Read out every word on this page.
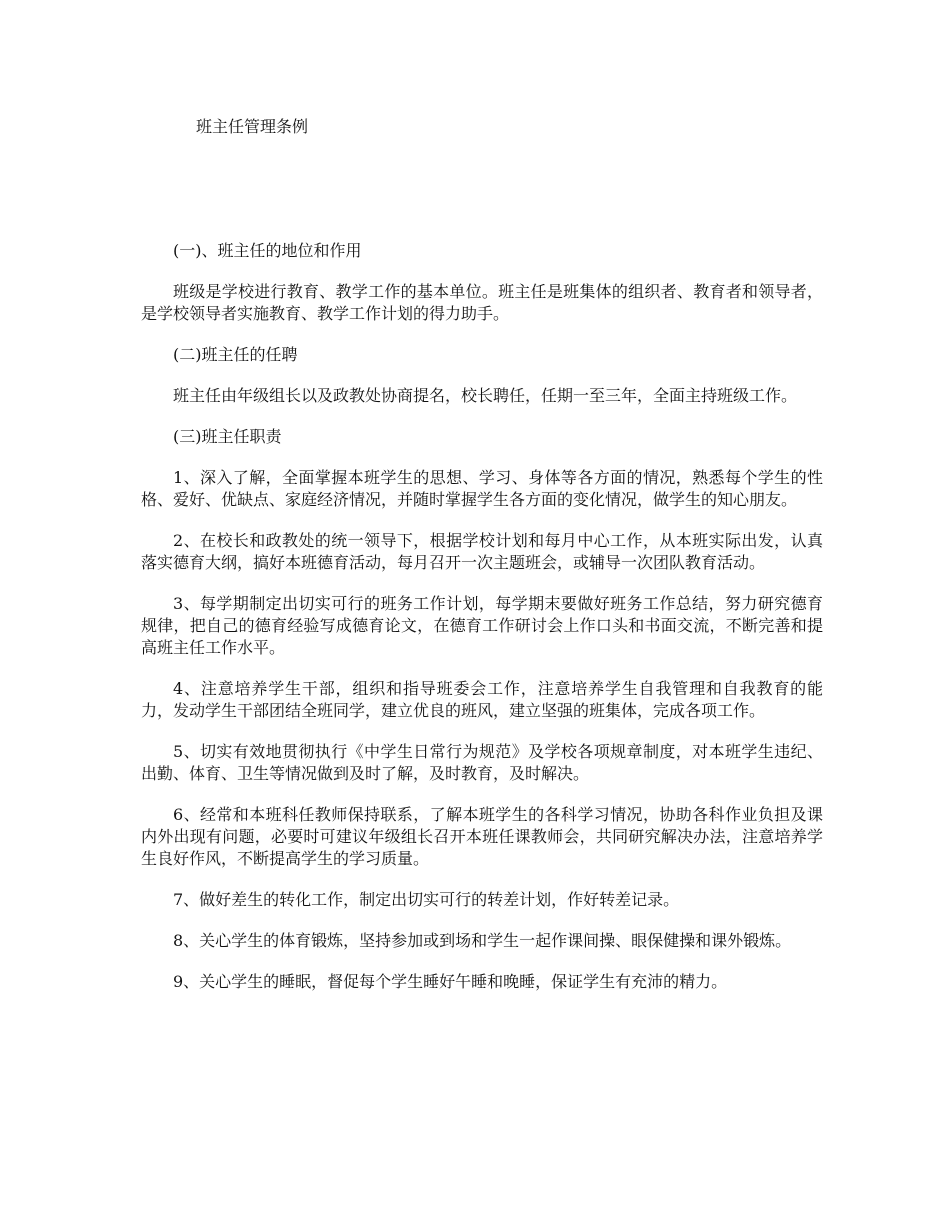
班主任管理条例
(一)、班主任的地位和作用

班级是学校进行教育、教学工作的基本单位。班主任是班集体的组织者、教育者和领导者，是学校领导者实施教育、教学工作计划的得力助手。

(二)班主任的任聘

班主任由年级组长以及政教处协商提名，校长聘任，任期一至三年，全面主持班级工作。

(三)班主任职责

1、深入了解，全面掌握本班学生的思想、学习、身体等各方面的情况，熟悉每个学生的性格、爱好、优缺点、家庭经济情况，并随时掌握学生各方面的变化情况，做学生的知心朋友。

2、在校长和政教处的统一领导下，根据学校计划和每月中心工作，从本班实际出发，认真落实德育大纲，搞好本班德育活动，每月召开一次主题班会，或辅导一次团队教育活动。

3、每学期制定出切实可行的班务工作计划，每学期末要做好班务工作总结，努力研究德育规律，把自己的德育经验写成德育论文，在德育工作研讨会上作口头和书面交流，不断完善和提高班主任工作水平。

4、注意培养学生干部，组织和指导班委会工作，注意培养学生自我管理和自我教育的能力，发动学生干部团结全班同学，建立优良的班风，建立坚强的班集体，完成各项工作。

5、切实有效地贯彻执行《中学生日常行为规范》及学校各项规章制度，对本班学生违纪、出勤、体育、卫生等情况做到及时了解，及时教育，及时解决。

6、经常和本班科任教师保持联系，了解本班学生的各科学习情况，协助各科作业负担及课内外出现有问题，必要时可建议年级组长召开本班任课教师会，共同研究解决办法，注意培养学生良好作风，不断提高学生的学习质量。

7、做好差生的转化工作，制定出切实可行的转差计划，作好转差记录。

8、关心学生的体育锻炼，坚持参加或到场和学生一起作课间操、眼保健操和课外锻炼。

9、关心学生的睡眠，督促每个学生睡好午睡和晚睡，保证学生有充沛的精力。
